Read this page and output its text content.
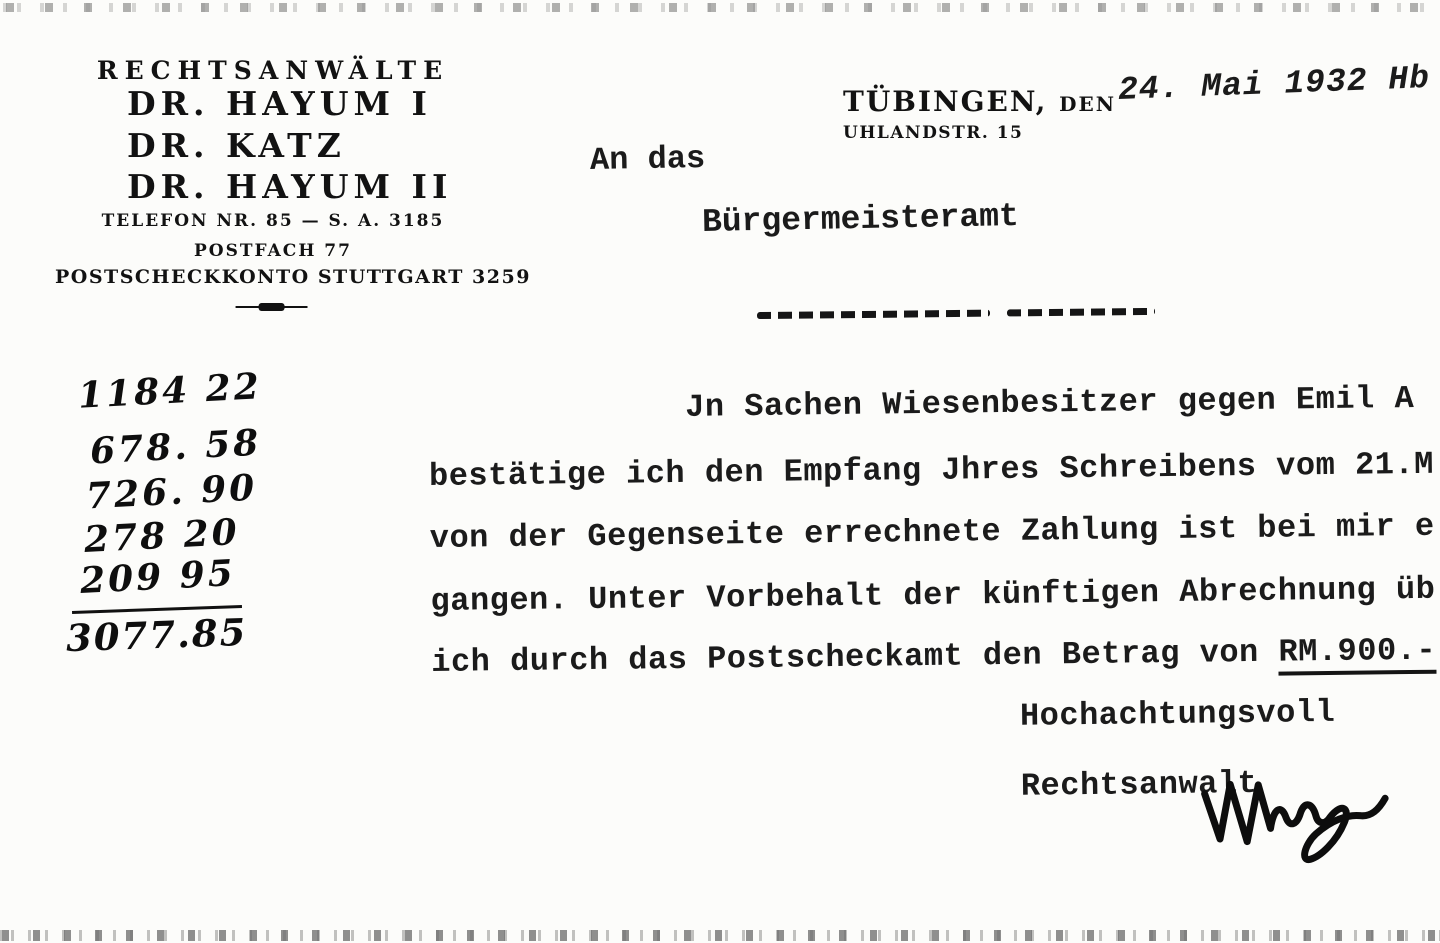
RECHTSANWÄLTE
DR. HAYUM I
DR. KATZ
DR. HAYUM II
TELEFON NR. 85 — S. A. 3185
POSTFACH 77
POSTSCHECKKONTO STUTTGART 3259
TÜBINGEN, DEN
UHLANDSTR. 15
24. Mai 1932 Hb
An das
Bürgermeisteramt
1184 22
678. 58
726. 90
278 20
209 95
3077.85
Jn Sachen Wiesenbesitzer gegen Emil A
bestätige ich den Empfang Jhres Schreibens vom 21.M
von der Gegenseite errechnete Zahlung ist bei mir e
gangen. Unter Vorbehalt der künftigen Abrechnung üb
ich durch das Postscheckamt den Betrag von RM.900.-
Hochachtungsvoll
Rechtsanwalt
